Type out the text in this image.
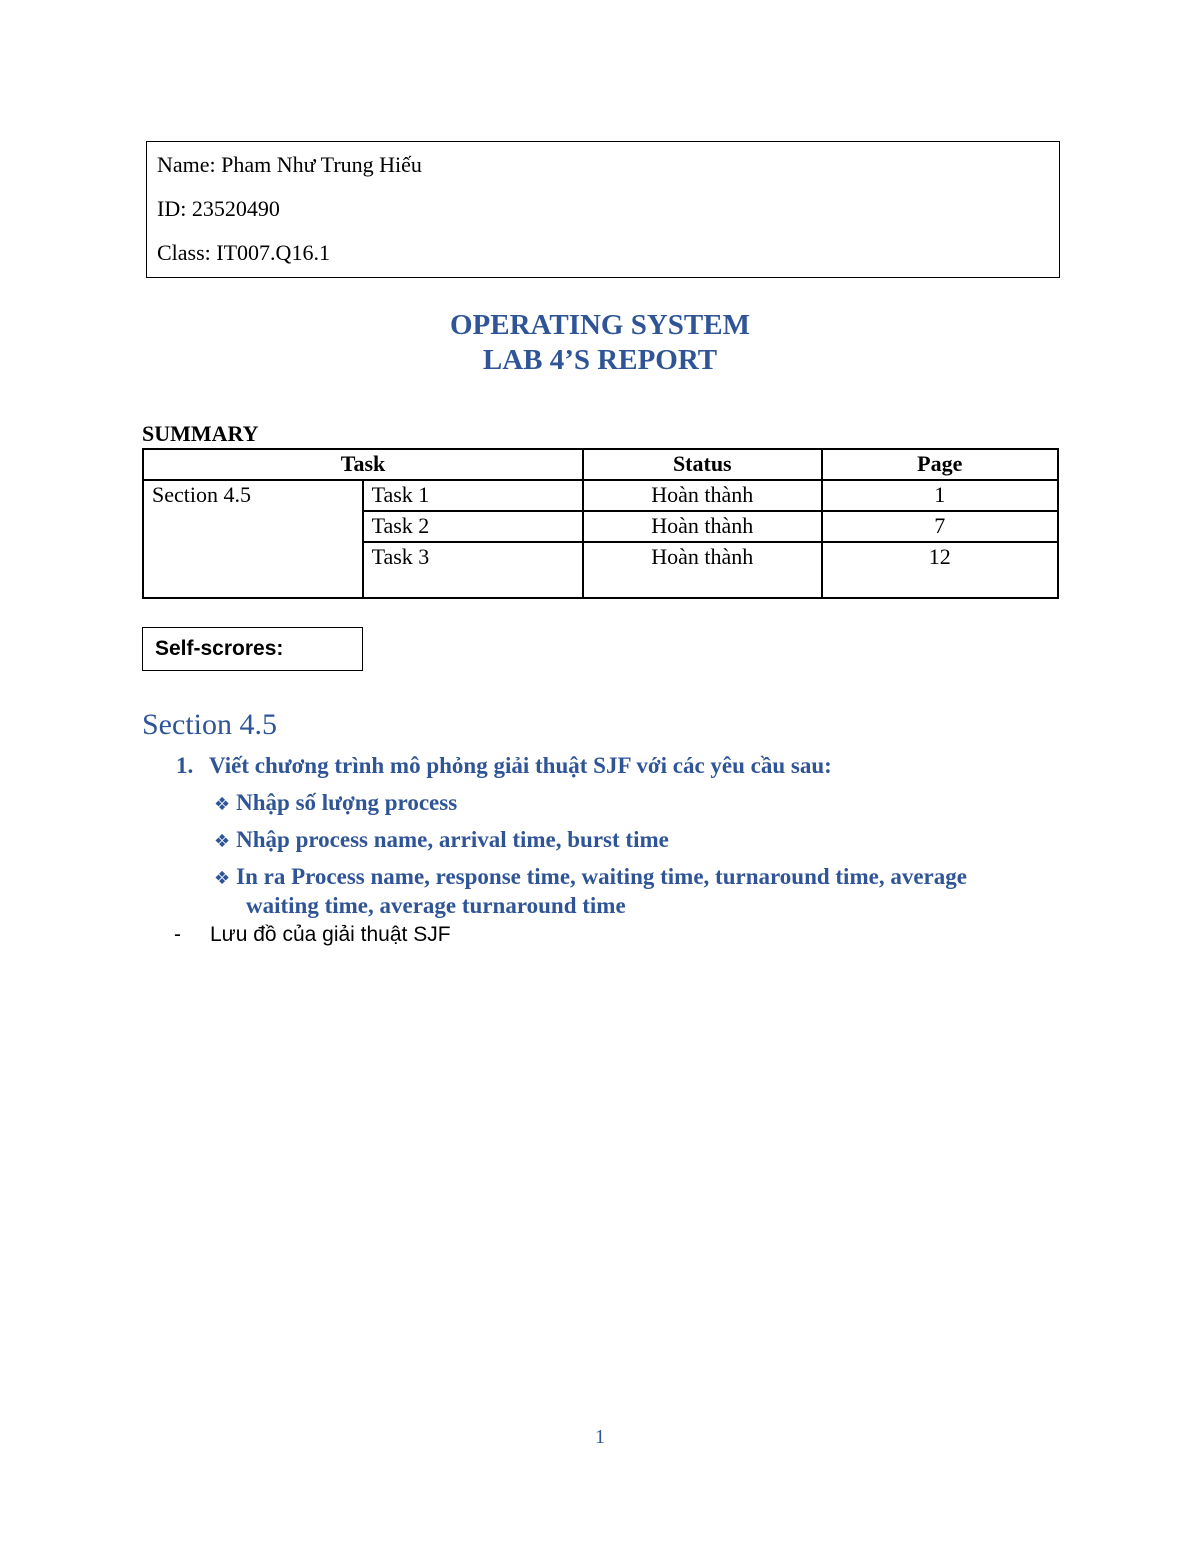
Name: Pham Như Trung Hiếu
ID: 23520490
Class: IT007.Q16.1
OPERATING SYSTEM
LAB 4’S REPORT
SUMMARY
Task		Status	Page
Section 4.5	Task 1	Hoàn thành	1
	Task 2	Hoàn thành	7
	Task 3	Hoàn thành	12
Self-scrores:
Section 4.5
1. Viết chương trình mô phỏng giải thuật SJF với các yêu cầu sau:
❖ Nhập số lượng process
❖ Nhập process name, arrival time, burst time
❖ In ra Process name, response time, waiting time, turnaround time, average
waiting time, average turnaround time
- Lưu đồ của giải thuật SJF
1
